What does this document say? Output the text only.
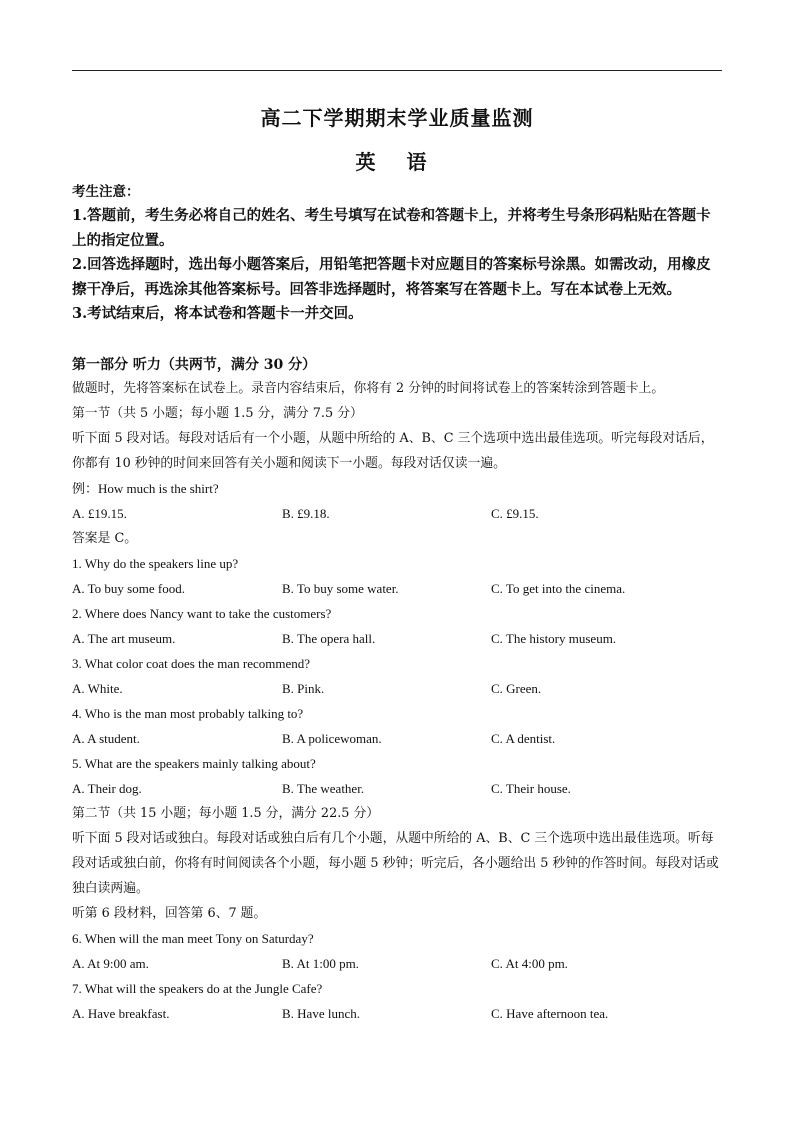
高二下学期期末学业质量监测
英 语
考生注意：

1.答题前，考生务必将自己的姓名、考生号填写在试卷和答题卡上，并将考生号条形码粘贴在答题卡上的指定位置。

2.回答选择题时，选出每小题答案后，用铅笔把答题卡对应题目的答案标号涂黑。如需改动，用橡皮擦干净后，再选涂其他答案标号。回答非选择题时，将答案写在答题卡上。写在本试卷上无效。

3.考试结束后，将本试卷和答题卡一并交回。

第一部分 听力（共两节，满分 30 分）
做题时，先将答案标在试卷上。录音内容结束后，你将有 2 分钟的时间将试卷上的答案转涂到答题卡上。
第一节（共 5 小题；每小题 1.5 分，满分 7.5 分）
听下面 5 段对话。每段对话后有一个小题，从题中所给的 A、B、C 三个选项中选出最佳选项。听完每段对话后，你都有 10 秒钟的时间来回答有关小题和阅读下一小题。每段对话仅读一遍。
例：How much is the shirt?
A. £19.15.	B. £9.18.	C. £9.15.
答案是 C。
1. Why do the speakers line up?
A. To buy some food.	B. To buy some water.	C. To get into the cinema.
2. Where does Nancy want to take the customers?
A. The art museum.	B. The opera hall.	C. The history museum.
3. What color coat does the man recommend?
A. White.	B. Pink.	C. Green.
4. Who is the man most probably talking to?
A. A student.	B. A policewoman.	C. A dentist.
5. What are the speakers mainly talking about?
A. Their dog.	B. The weather.	C. Their house.
第二节（共 15 小题；每小题 1.5 分，满分 22.5 分）
听下面 5 段对话或独白。每段对话或独白后有几个小题，从题中所给的 A、B、C 三个选项中选出最佳选项。听每段对话或独白前，你将有时间阅读各个小题，每小题 5 秒钟；听完后，各小题给出 5 秒钟的作答时间。每段对话或独白读两遍。
听第 6 段材料，回答第 6、7 题。
6. When will the man meet Tony on Saturday?
A. At 9:00 am.	B. At 1:00 pm.	C. At 4:00 pm.
7. What will the speakers do at the Jungle Cafe?
A. Have breakfast.	B. Have lunch.	C. Have afternoon tea.
